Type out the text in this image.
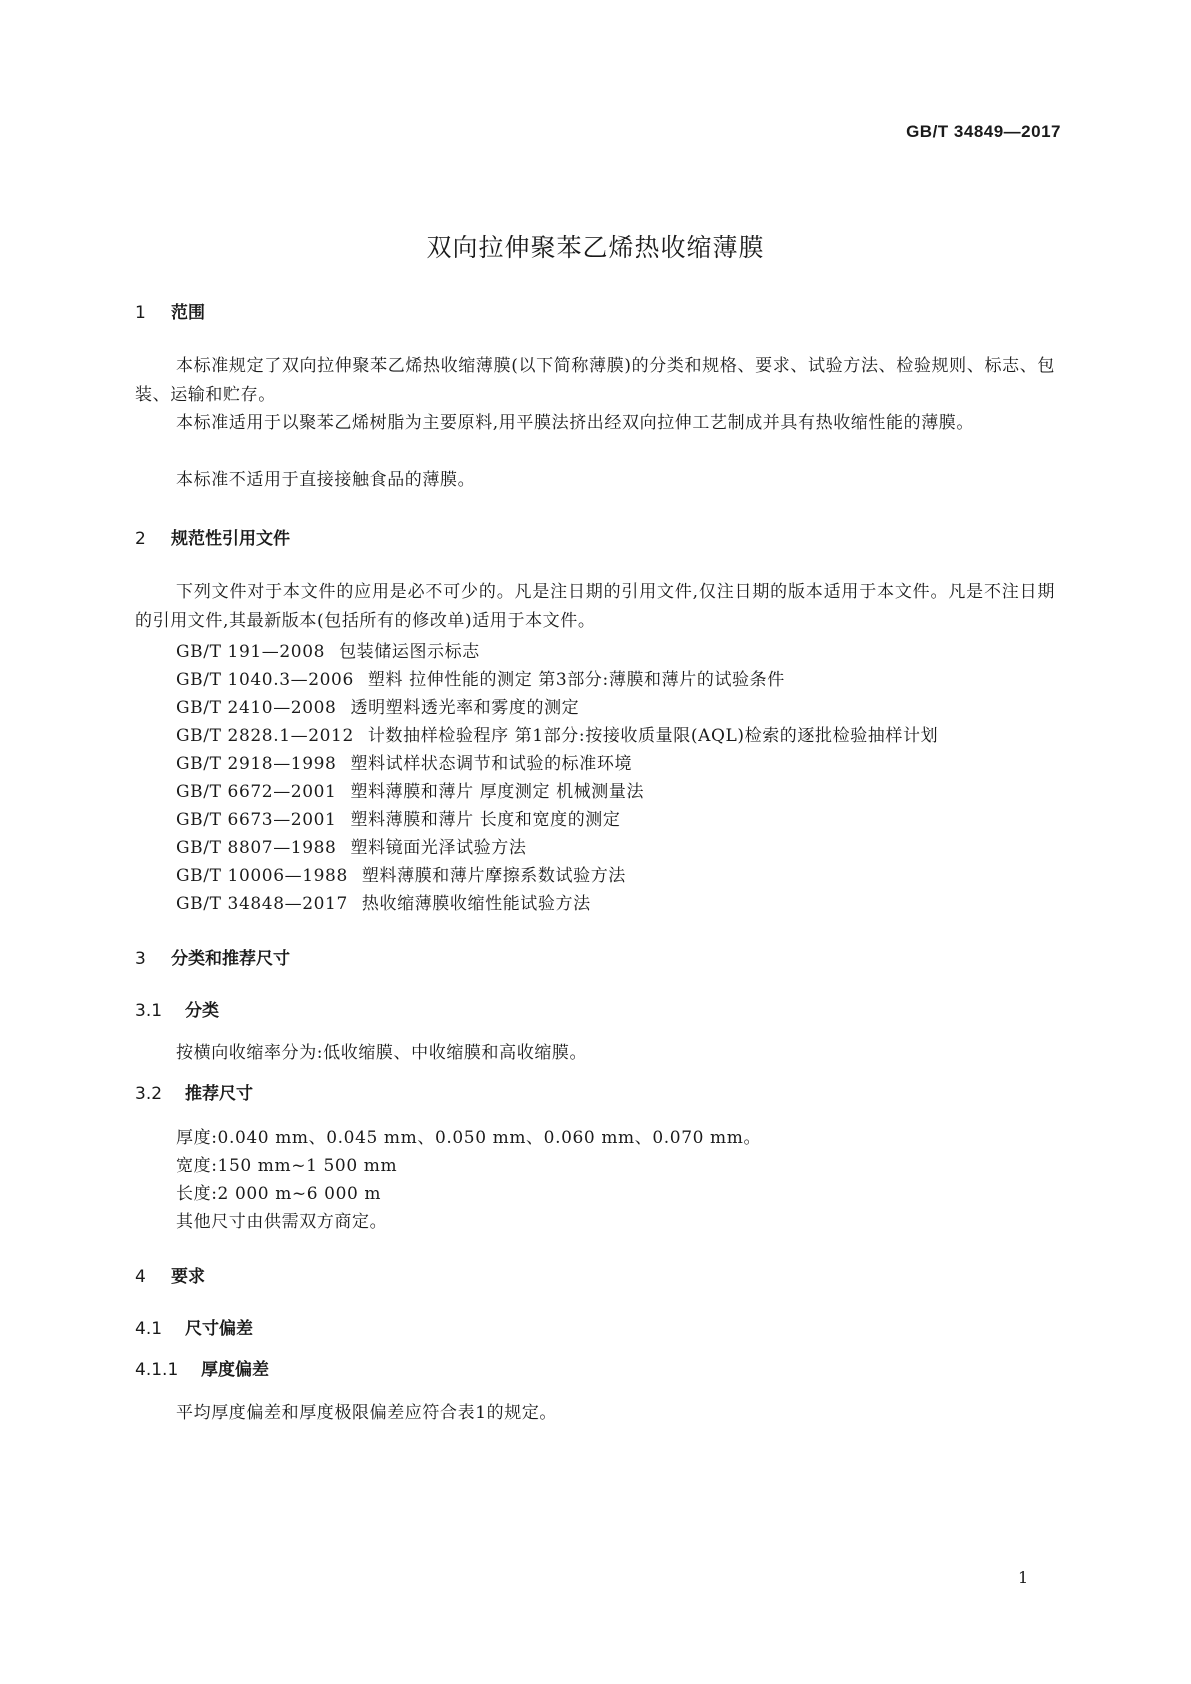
GB/T 34849—2017
双向拉伸聚苯乙烯热收缩薄膜
1 范围

本标准规定了双向拉伸聚苯乙烯热收缩薄膜(以下简称薄膜)的分类和规格、要求、试验方法、检验规则、标志、包装、运输和贮存。

本标准适用于以聚苯乙烯树脂为主要原料,用平膜法挤出经双向拉伸工艺制成并具有热收缩性能的薄膜。

本标准不适用于直接接触食品的薄膜。

2 规范性引用文件

下列文件对于本文件的应用是必不可少的。凡是注日期的引用文件,仅注日期的版本适用于本文件。凡是不注日期的引用文件,其最新版本(包括所有的修改单)适用于本文件。

GB/T 191—2008 包装储运图示标志
GB/T 1040.3—2006 塑料 拉伸性能的测定 第3部分:薄膜和薄片的试验条件
GB/T 2410—2008 透明塑料透光率和雾度的测定
GB/T 2828.1—2012 计数抽样检验程序 第1部分:按接收质量限(AQL)检索的逐批检验抽样计划
GB/T 2918—1998 塑料试样状态调节和试验的标准环境
GB/T 6672—2001 塑料薄膜和薄片 厚度测定 机械测量法
GB/T 6673—2001 塑料薄膜和薄片 长度和宽度的测定
GB/T 8807—1988 塑料镜面光泽试验方法
GB/T 10006—1988 塑料薄膜和薄片摩擦系数试验方法
GB/T 34848—2017 热收缩薄膜收缩性能试验方法
3 分类和推荐尺寸
3.1 分类
按横向收缩率分为:低收缩膜、中收缩膜和高收缩膜。
3.2 推荐尺寸
厚度:0.040 mm、0.045 mm、0.050 mm、0.060 mm、0.070 mm。
宽度:150 mm~1 500 mm
长度:2 000 m~6 000 m
其他尺寸由供需双方商定。
4 要求
4.1 尺寸偏差
4.1.1 厚度偏差
平均厚度偏差和厚度极限偏差应符合表1的规定。
1
